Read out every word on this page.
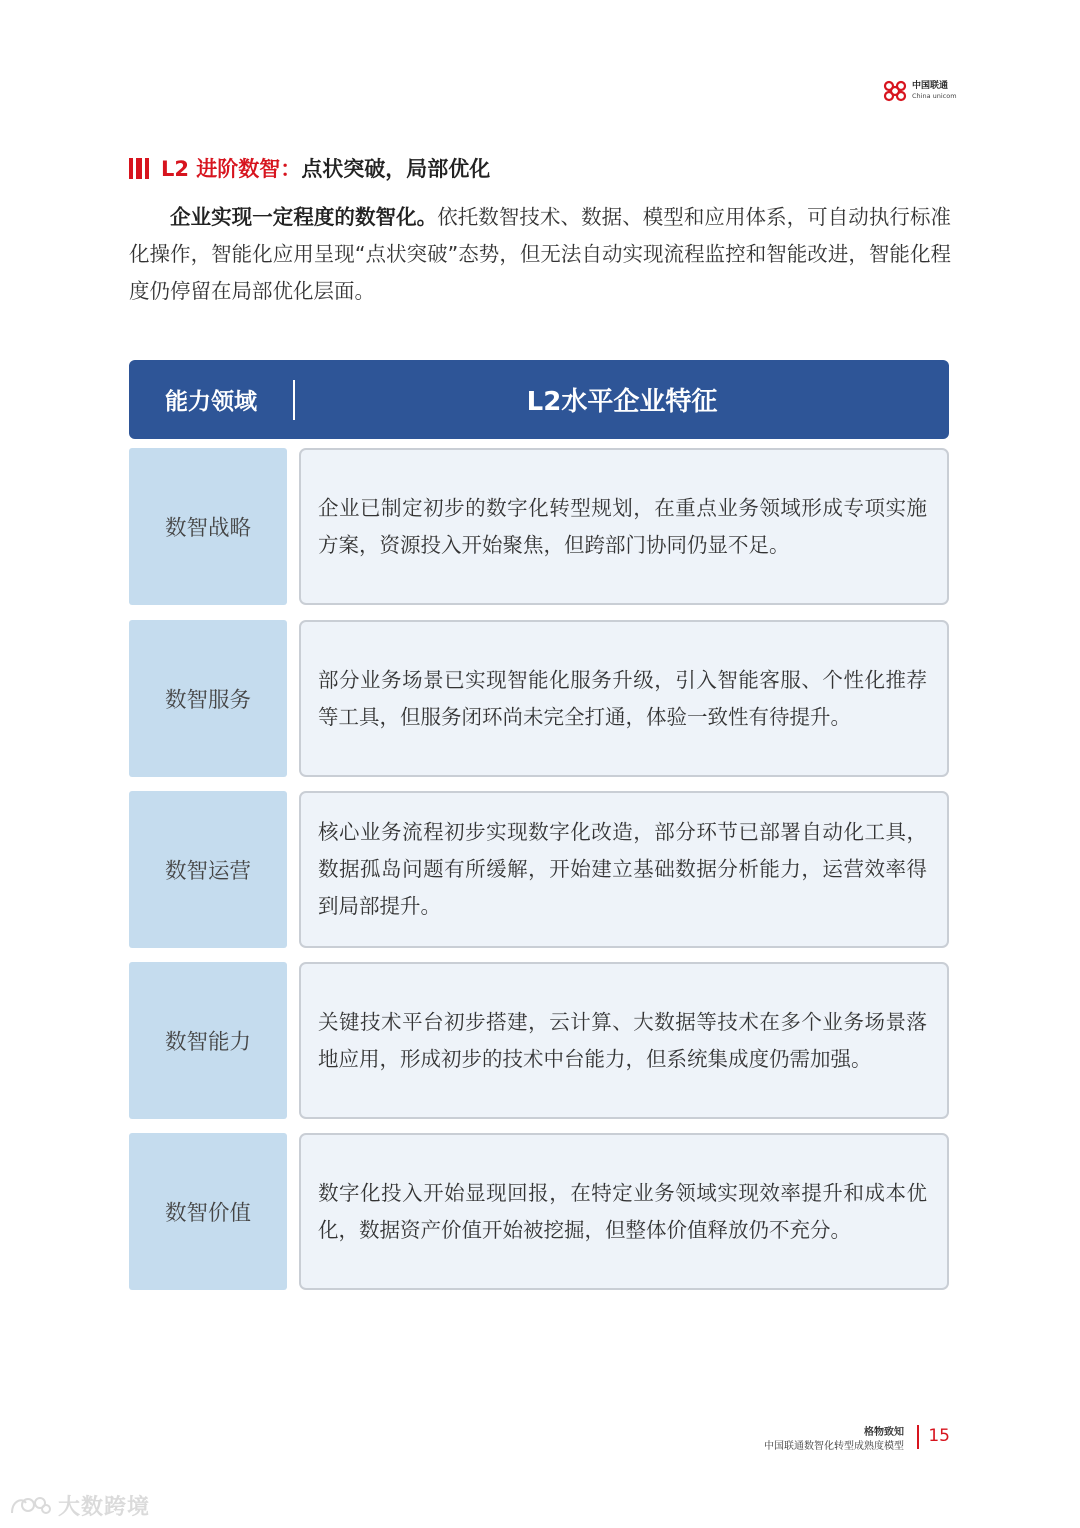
中国联通
China unicom
L2 进阶数智： 点状突破，局部优化
企业实现一定程度的数智化。依托数智技术、数据、模型和应用体系，可自动执行标准化操作，智能化应用呈现“点状突破”态势，但无法自动实现流程监控和智能改进，智能化程度仍停留在局部优化层面。
能力领域	L2水平企业特征
数智战略

企业已制定初步的数字化转型规划，在重点业务领域形成专项实施方案，资源投入开始聚焦，但跨部门协同仍显不足。

数智服务

部分业务场景已实现智能化服务升级，引入智能客服、个性化推荐等工具，但服务闭环尚未完全打通，体验一致性有待提升。

数智运营

核心业务流程初步实现数字化改造，部分环节已部署自动化工具，数据孤岛问题有所缓解，开始建立基础数据分析能力，运营效率得到局部提升。

数智能力

关键技术平台初步搭建，云计算、大数据等技术在多个业务场景落地应用，形成初步的技术中台能力，但系统集成度仍需加强。

数智价值

数字化投入开始显现回报，在特定业务领域实现效率提升和成本优化，数据资产价值开始被挖掘，但整体价值释放仍不充分。

格物致知
中国联通数智化转型成熟度模型
15
大数跨境
